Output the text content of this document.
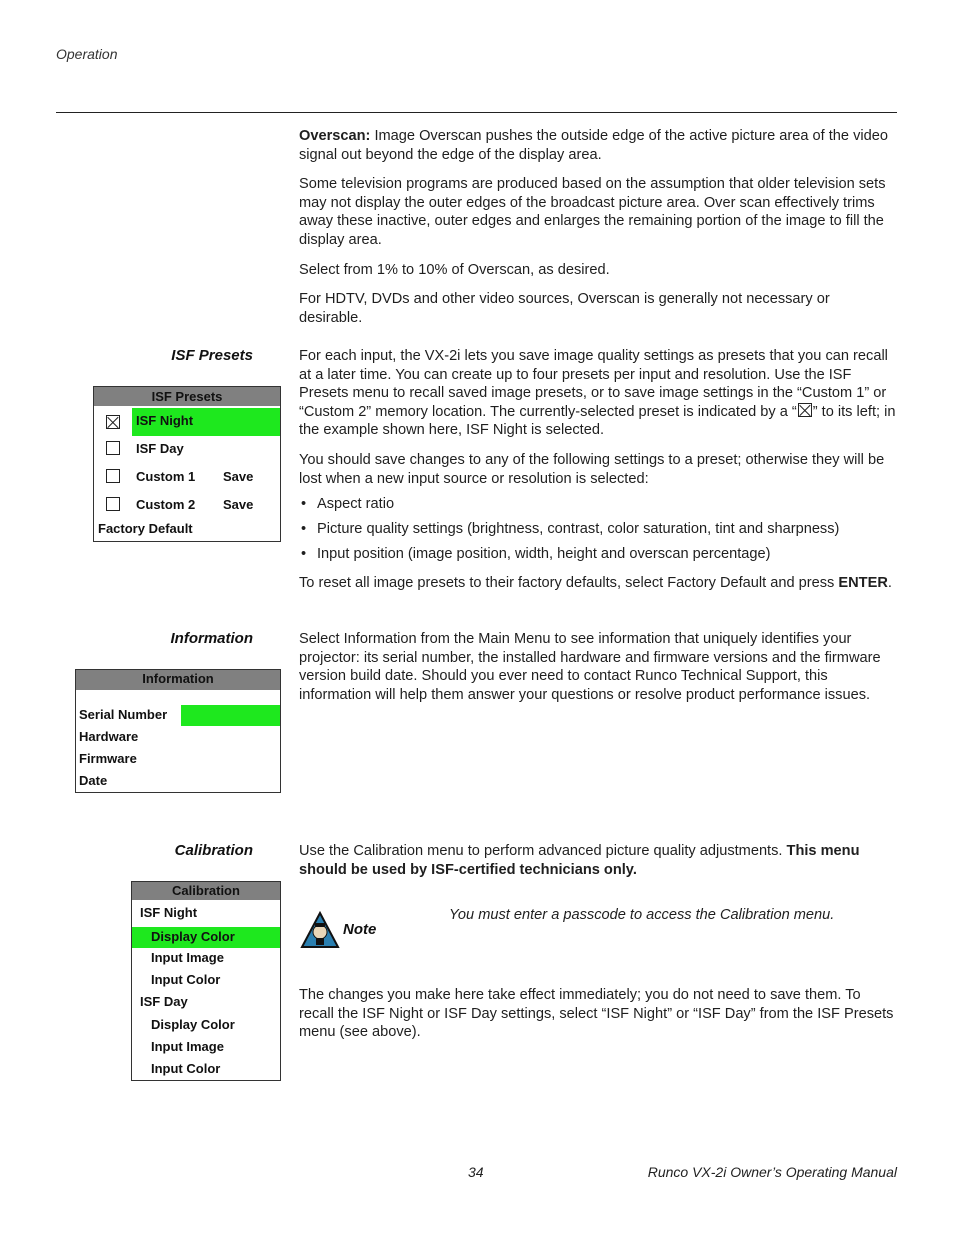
Operation

Overscan: Image Overscan pushes the outside edge of the active picture area of the video signal out beyond the edge of the display area.

Some television programs are produced based on the assumption that older television sets may not display the outer edges of the broadcast picture area. Over scan effectively trims away these inactive, outer edges and enlarges the remaining portion of the image to fill the display area.

Select from 1% to 10% of Overscan, as desired.

For HDTV, DVDs and other video sources, Overscan is generally not necessary or desirable.

ISF Presets	For each input, the VX-2i lets you save image quality settings as presets that you can recall at a later time. You can create up to four presets per input and resolution. Use the ISF Presets menu to recall saved image presets, or to save image settings in the “Custom 1” or “Custom 2” memory location. The currently-selected preset is indicated by a “ ” to its left; in the example shown here, ISF Night is selected.

You should save changes to any of the following settings to a preset; otherwise they will be lost when a new input source or resolution is selected:

• Aspect ratio
• Picture quality settings (brightness, contrast, color saturation, tint and sharpness)
• Input position (image position, width, height and overscan percentage)

To reset all image presets to their factory defaults, select Factory Default and press ENTER.

Information	Select Information from the Main Menu to see information that uniquely identifies your projector: its serial number, the installed hardware and firmware versions and the firmware version build date. Should you ever need to contact Runco Technical Support, this information will help them answer your questions or resolve product performance issues.

Calibration	Use the Calibration menu to perform advanced picture quality adjustments. This menu should be used by ISF-certified technicians only.

The changes you make here take effect immediately; you do not need to save them. To recall the ISF Night or ISF Day settings, select “ISF Night” or “ISF Day” from the ISF Presets menu (see above).

ISF Presets
ISF Night
ISF Day
Custom 1 Save
Custom 2 Save
Factory Default
Information
Serial Number
Hardware
Firmware
Date
Calibration
ISF Night
Display Color
Input Image
Input Color
ISF Day
Display Color
Input Image
Input Color
Note
You must enter a passcode to access the Calibration menu.
34	Runco VX-2i Owner’s Operating Manual
